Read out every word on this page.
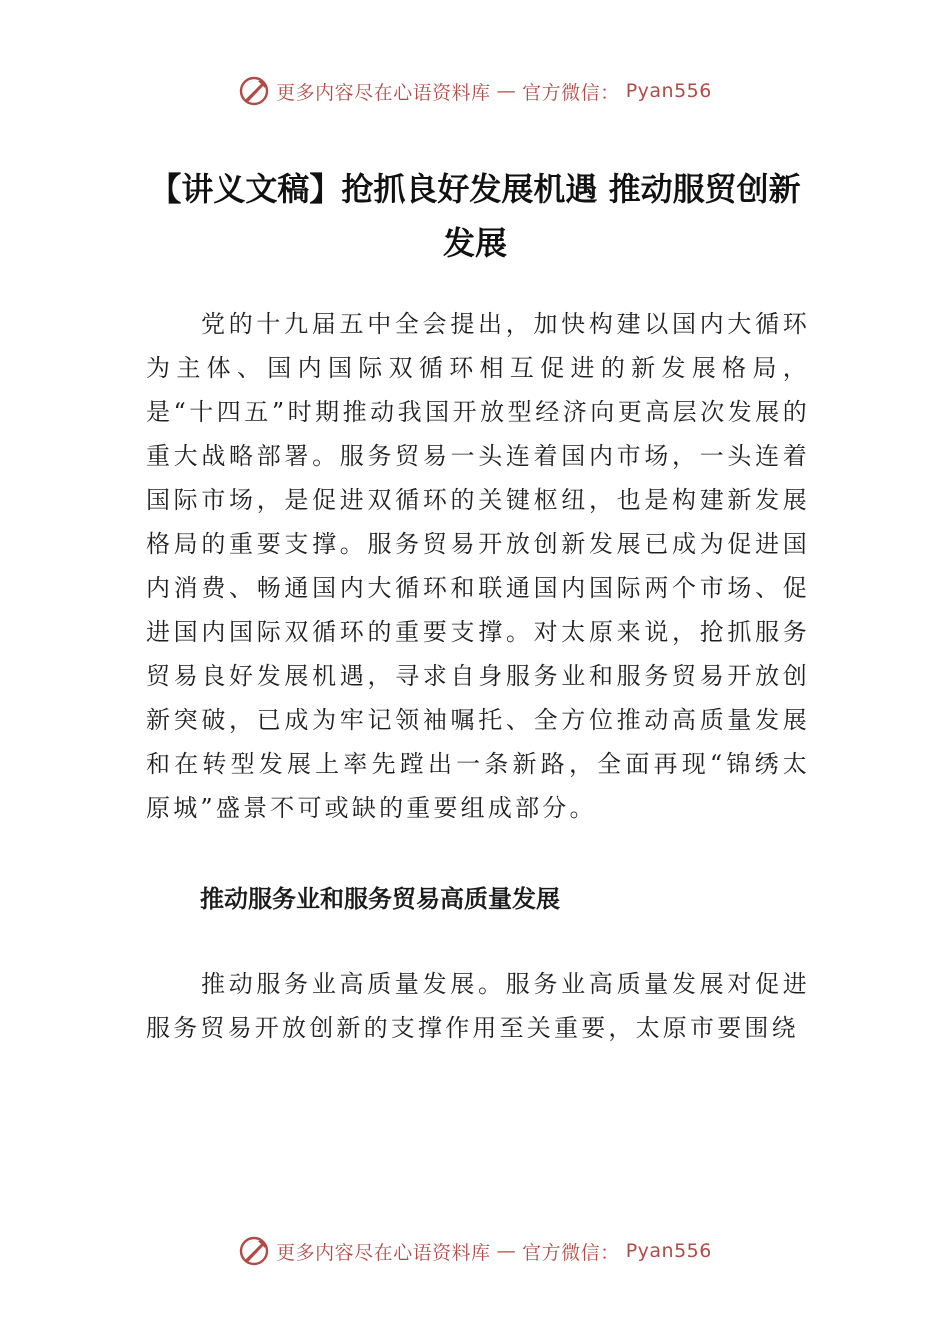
更多内容尽在心语资料库 — 官方微信： Pyan556
【讲义文稿】抢抓良好发展机遇 推动服贸创新发展

党的十九届五中全会提出，加快构建以国内大循环为主体、国内国际双循环相互促进的新发展格局，是“十四五”时期推动我国开放型经济向更高层次发展的重大战略部署。服务贸易一头连着国内市场，一头连着国际市场，是促进双循环的关键枢纽，也是构建新发展格局的重要支撑。服务贸易开放创新发展已成为促进国内消费、畅通国内大循环和联通国内国际两个市场、促进国内国际双循环的重要支撑。对太原来说，抢抓服务贸易良好发展机遇，寻求自身服务业和服务贸易开放创新突破，已成为牢记领袖嘱托、全方位推动高质量发展和在转型发展上率先蹚出一条新路，全面再现“锦绣太原城”盛景不可或缺的重要组成部分。

推动服务业和服务贸易高质量发展

推动服务业高质量发展。服务业高质量发展对促进服务贸易开放创新的支撑作用至关重要，太原市要围绕

更多内容尽在心语资料库 — 官方微信： Pyan556
